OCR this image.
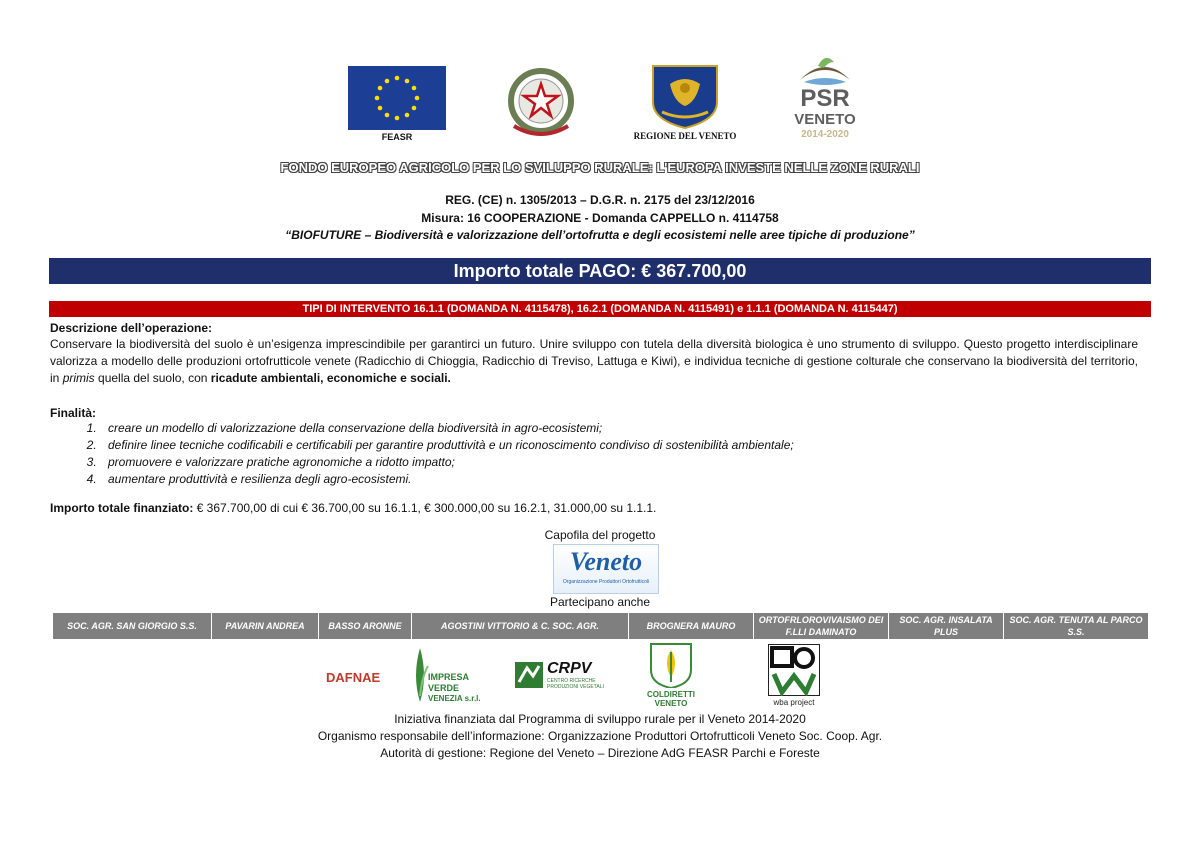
FEASR	REGIONE DEL VENETO
PSR
VENETO
2014-2020
FONDO EUROPEO AGRICOLO PER LO SVILUPPO RURALE: L'EUROPA INVESTE NELLE ZONE RURALI
REG. (CE) n. 1305/2013 – D.G.R. n. 2175 del 23/12/2016
Misura: 16 COOPERAZIONE - Domanda CAPPELLO n. 4114758
“BIOFUTURE – Biodiversità e valorizzazione dell’ortofrutta e degli ecosistemi nelle aree tipiche di produzione”
Importo totale PAGO: € 367.700,00
TIPI DI INTERVENTO 16.1.1 (DOMANDA N. 4115478), 16.2.1 (DOMANDA N. 4115491) e 1.1.1 (DOMANDA N. 4115447)
Descrizione dell’operazione:
Conservare la biodiversità del suolo è un’esigenza imprescindibile per garantirci un futuro. Unire sviluppo con tutela della diversità biologica è uno strumento di sviluppo. Questo progetto interdisciplinare valorizza a modello delle produzioni ortofrutticole venete (Radicchio di Chioggia, Radicchio di Treviso, Lattuga e Kiwi), e individua tecniche di gestione colturale che conservano la biodiversità del territorio, in primis quella del suolo, con ricadute ambientali, economiche e sociali.
Finalità:
1. creare un modello di valorizzazione della conservazione della biodiversità in agro-ecosistemi;
2. definire linee tecniche codificabili e certificabili per garantire produttività e un riconoscimento condiviso di sostenibilità ambientale;
3. promuovere e valorizzare pratiche agronomiche a ridotto impatto;
4. aumentare produttività e resilienza degli agro-ecosistemi.
Importo totale finanziato: € 367.700,00 di cui € 36.700,00 su 16.1.1, € 300.000,00 su 16.2.1, 31.000,00 su 1.1.1.
Capofila del progetto
Veneto
Organizzazione Produttori Ortofrutticoli
Partecipano anche
SOC. AGR. SAN GIORGIO S.S.	PAVARIN ANDREA	BASSO ARONNE	AGOSTINI VITTORIO & C. SOC. AGR.	BROGNERA MAURO	ORTOFRLOROVIVAISMO DEI F.LLI DAMINATO	SOC. AGR. INSALATA PLUS	SOC. AGR. TENUTA AL PARCO S.S.
DAFNAE	IMPRESA
VERDE
VENEZIA s.r.l.
CRPV
CENTRO RICERCHE PRODUZIONI VEGETALI
COLDIRETTI
VENETO	wba project
Iniziativa finanziata dal Programma di sviluppo rurale per il Veneto 2014-2020
Organismo responsabile dell’informazione: Organizzazione Produttori Ortofrutticoli Veneto Soc. Coop. Agr.
Autorità di gestione: Regione del Veneto – Direzione AdG FEASR Parchi e Foreste
